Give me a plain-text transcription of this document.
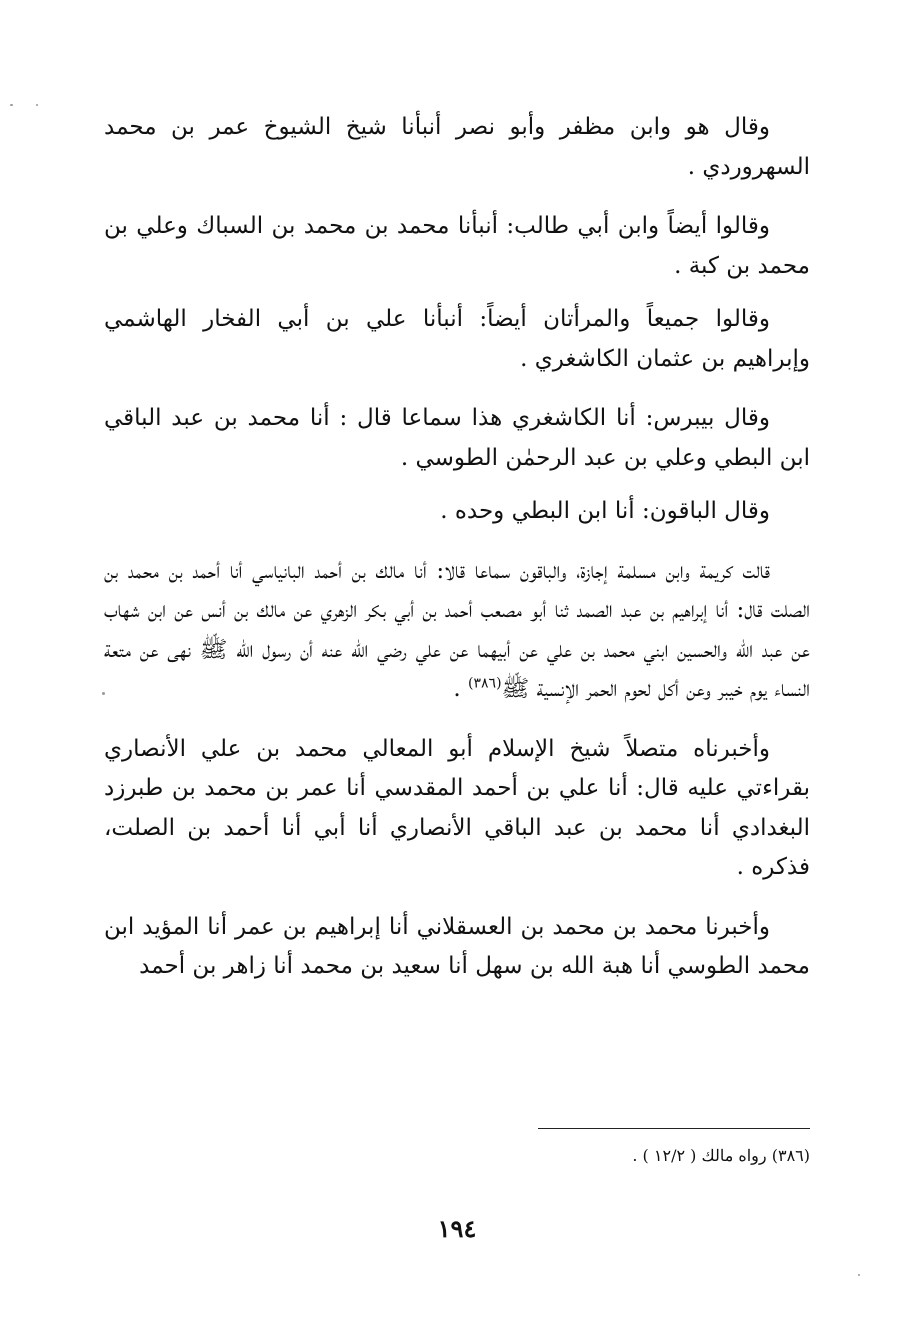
وقال هو وابن مظفر وأبو نصر أنبأنا شيخ الشيوخ عمر بن محمد السهروردي .

وقالوا أيضاً وابن أبي طالب: أنبأنا محمد بن محمد بن السباك وعلي بن محمد بن كبة .

وقالوا جميعاً والمرأتان أيضاً: أنبأنا علي بن أبي الفخار الهاشمي وإبراهيم بن عثمان الكاشغري .

وقال بيبرس: أنا الكاشغري هذا سماعا قال : أنا محمد بن عبد الباقي ابن البطي وعلي بن عبد الرحمٰن الطوسي .

وقال الباقون: أنا ابن البطي وحده .

قالت كريمة وابن مسلمة إجازة، والباقون سماعا قالا: أنا مالك بن أحمد البانياسي أنا أحمد بن محمد بن الصلت قال: أنا إبراهيم بن عبد الصمد ثنا أبو مصعب أحمد بن أبي بكر الزهري عن مالك بن أنس عن ابن شهاب عن عبد الله والحسين ابني محمد بن علي عن أبيهما عن علي رضي الله عنه أن رسول الله ﷺ نهى عن متعة النساء يوم خيبر وعن أكل لحوم الحمر الإنسية ﷺ$^{(٣٨٦)}$ .

وأخبرناه متصلاً شيخ الإسلام أبو المعالي محمد بن علي الأنصاري بقراءتي عليه قال: أنا علي بن أحمد المقدسي أنا عمر بن محمد بن طبرزد البغدادي أنا محمد بن عبد الباقي الأنصاري أنا أبي أنا أحمد بن الصلت، فذكره .

وأخبرنا محمد بن محمد بن العسقلاني أنا إبراهيم بن عمر أنا المؤيد ابن محمد الطوسي أنا هبة الله بن سهل أنا سعيد بن محمد أنا زاهر بن أحمد

(٣٨٦) رواه مالك ( ١٢/٢ ) .
١٩٤
